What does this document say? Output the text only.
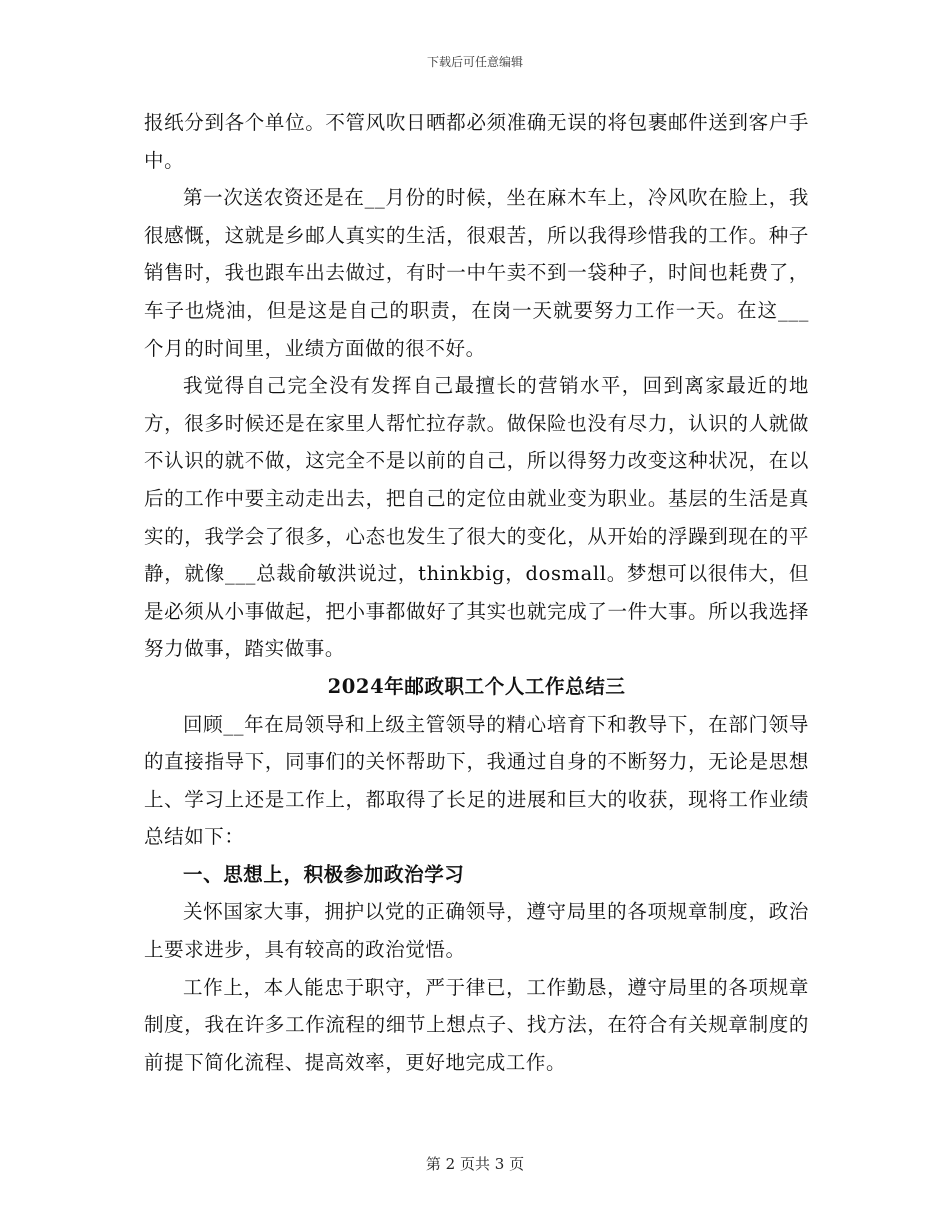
下载后可任意编辑

报纸分到各个单位。不管风吹日晒都必须准确无误的将包裹邮件送到客户手中。

第一次送农资还是在__月份的时候，坐在麻木车上，冷风吹在脸上，我很感慨，这就是乡邮人真实的生活，很艰苦，所以我得珍惜我的工作。种子销售时，我也跟车出去做过，有时一中午卖不到一袋种子，时间也耗费了，车子也烧油，但是这是自己的职责，在岗一天就要努力工作一天。在这___个月的时间里，业绩方面做的很不好。

我觉得自己完全没有发挥自己最擅长的营销水平，回到离家最近的地方，很多时候还是在家里人帮忙拉存款。做保险也没有尽力，认识的人就做不认识的就不做，这完全不是以前的自己，所以得努力改变这种状况，在以后的工作中要主动走出去，把自己的定位由就业变为职业。基层的生活是真实的，我学会了很多，心态也发生了很大的变化，从开始的浮躁到现在的平静，就像___总裁俞敏洪说过，thinkbig，dosmall。梦想可以很伟大，但是必须从小事做起，把小事都做好了其实也就完成了一件大事。所以我选择努力做事，踏实做事。

2024年邮政职工个人工作总结三

回顾__年在局领导和上级主管领导的精心培育下和教导下，在部门领导的直接指导下，同事们的关怀帮助下，我通过自身的不断努力，无论是思想上、学习上还是工作上，都取得了长足的进展和巨大的收获，现将工作业绩总结如下：

一、思想上，积极参加政治学习

关怀国家大事，拥护以党的正确领导，遵守局里的各项规章制度，政治上要求进步，具有较高的政治觉悟。

工作上，本人能忠于职守，严于律已，工作勤恳，遵守局里的各项规章制度，我在许多工作流程的细节上想点子、找方法，在符合有关规章制度的前提下简化流程、提高效率，更好地完成工作。

第 2 页共 3 页
